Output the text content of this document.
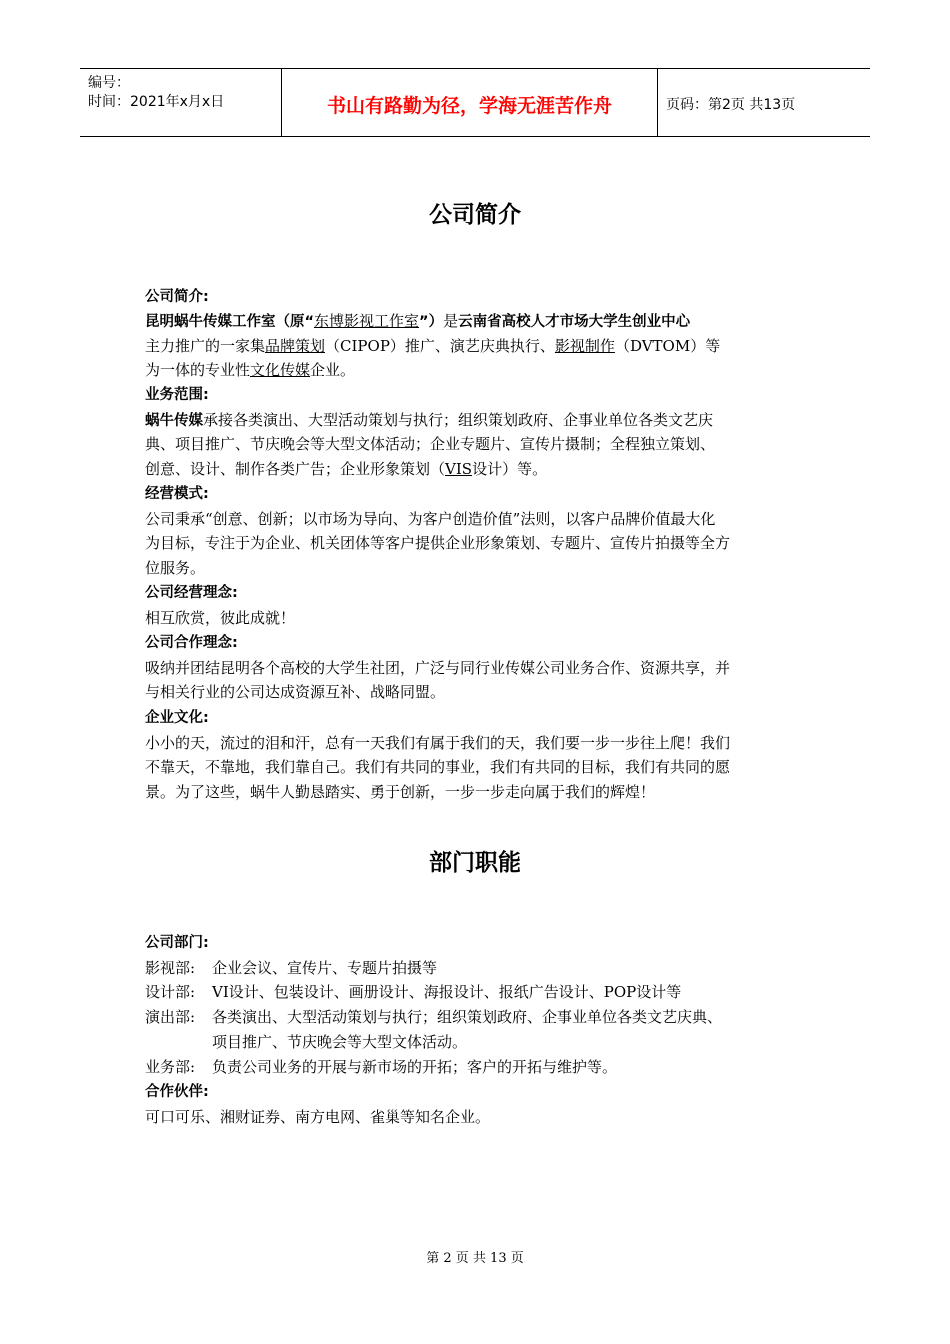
编号：
时间：2021年x月x日	书山有路勤为径，学海无涯苦作舟	页码：第2页 共13页
公司简介
公司简介:
昆明蜗牛传媒工作室（原“东博影视工作室”）是云南省高校人才市场大学生创业中心
主力推广的一家集品牌策划（CIPOP）推广、演艺庆典执行、影视制作（DVTOM）等
为一体的专业性文化传媒企业。
业务范围:
蜗牛传媒承接各类演出、大型活动策划与执行；组织策划政府、企事业单位各类文艺庆
典、项目推广、节庆晚会等大型文体活动；企业专题片、宣传片摄制；全程独立策划、
创意、设计、制作各类广告；企业形象策划（VIS设计）等。
经营模式:
公司秉承“创意、创新；以市场为导向、为客户创造价值”法则，以客户品牌价值最大化
为目标，专注于为企业、机关团体等客户提供企业形象策划、专题片、宣传片拍摄等全方
位服务。
公司经营理念:
相互欣赏，彼此成就！
公司合作理念:
吸纳并团结昆明各个高校的大学生社团，广泛与同行业传媒公司业务合作、资源共享，并
与相关行业的公司达成资源互补、战略同盟。
企业文化:
小小的天，流过的泪和汗，总有一天我们有属于我们的天，我们要一步一步往上爬！我们
不靠天，不靠地，我们靠自己。我们有共同的事业，我们有共同的目标，我们有共同的愿
景。为了这些，蜗牛人勤恳踏实、勇于创新，一步一步走向属于我们的辉煌！
部门职能
公司部门:
影视部: 企业会议、宣传片、专题片拍摄等
设计部: VI设计、包装设计、画册设计、海报设计、报纸广告设计、POP设计等
演出部: 各类演出、大型活动策划与执行；组织策划政府、企事业单位各类文艺庆典、
项目推广、节庆晚会等大型文体活动。
业务部: 负责公司业务的开展与新市场的开拓；客户的开拓与维护等。
合作伙伴:
可口可乐、湘财证券、南方电网、雀巢等知名企业。
第 2 页 共 13 页
